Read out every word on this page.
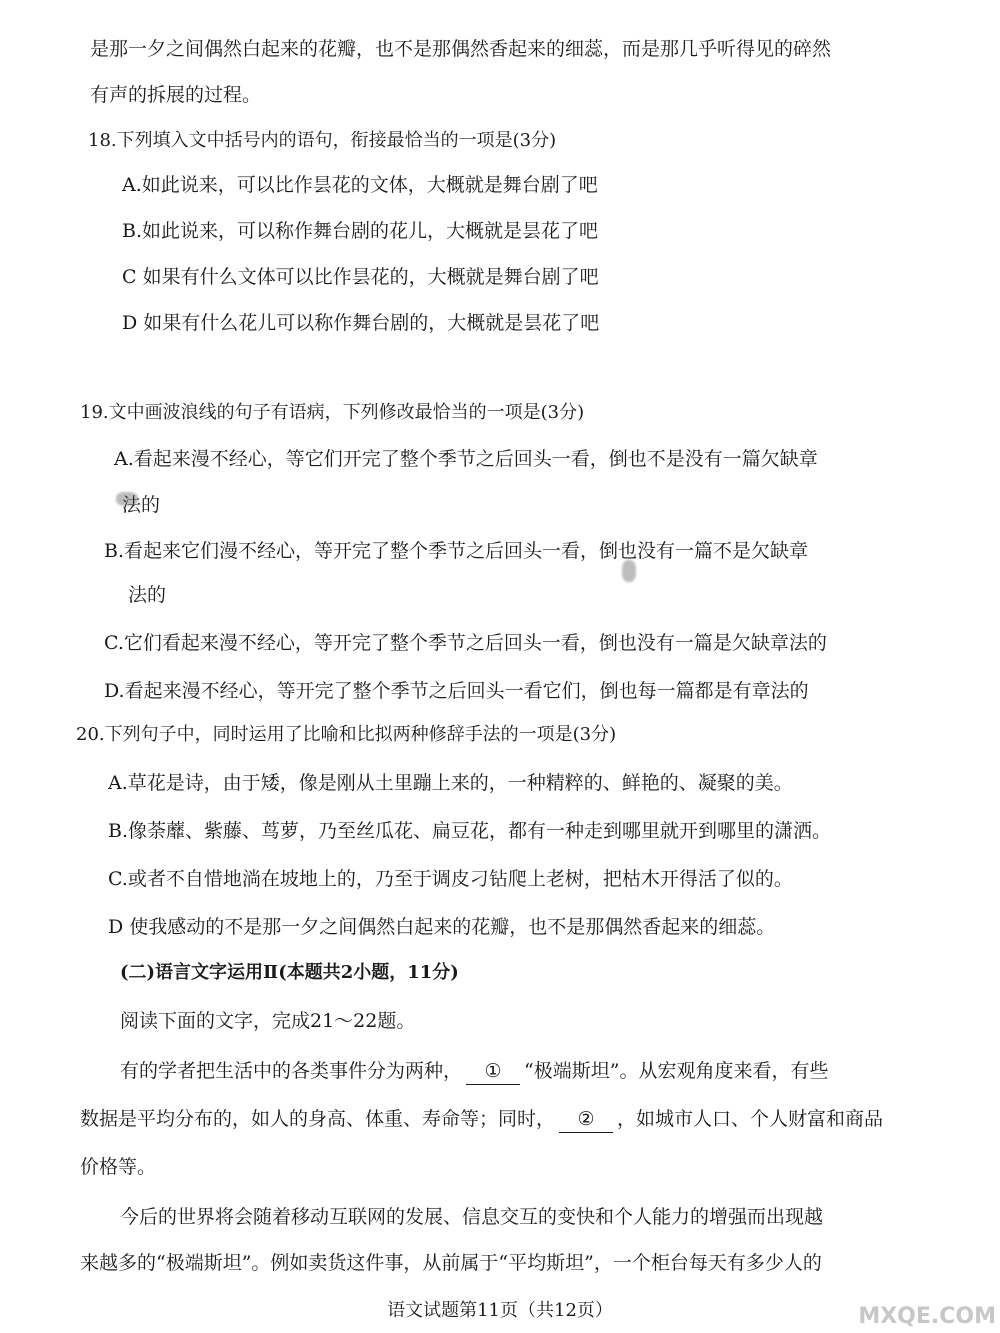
是那一夕之间偶然白起来的花瓣，也不是那偶然香起来的细蕊，而是那几乎听得见的碎然
有声的拆展的过程。
18.下列填入文中括号内的语句，衔接最恰当的一项是(3分)
A.如此说来，可以比作昙花的文体，大概就是舞台剧了吧
B.如此说来，可以称作舞台剧的花儿，大概就是昙花了吧
C 如果有什么文体可以比作昙花的，大概就是舞台剧了吧
D 如果有什么花儿可以称作舞台剧的，大概就是昙花了吧
19.文中画波浪线的句子有语病，下列修改最恰当的一项是(3分)
A.看起来漫不经心，等它们开完了整个季节之后回头一看，倒也不是没有一篇欠缺章
法的
B.看起来它们漫不经心，等开完了整个季节之后回头一看，倒也没有一篇不是欠缺章
法的
C.它们看起来漫不经心，等开完了整个季节之后回头一看，倒也没有一篇是欠缺章法的
D.看起来漫不经心，等开完了整个季节之后回头一看它们，倒也每一篇都是有章法的
20.下列句子中，同时运用了比喻和比拟两种修辞手法的一项是(3分)
A.草花是诗，由于矮，像是刚从土里蹦上来的，一种精粹的、鲜艳的、凝聚的美。
B.像荼蘼、紫藤、茑萝，乃至丝瓜花、扁豆花，都有一种走到哪里就开到哪里的潇洒。
C.或者不自惜地淌在坡地上的，乃至于调皮刁钻爬上老树，把枯木开得活了似的。
D 使我感动的不是那一夕之间偶然白起来的花瓣，也不是那偶然香起来的细蕊。
(二)语言文字运用Ⅱ(本题共2小题，11分)
阅读下面的文字，完成21～22题。
有的学者把生活中的各类事件分为两种， ① “极端斯坦”。从宏观角度来看，有些
数据是平均分布的，如人的身高、体重、寿命等；同时， ② ，如城市人口、个人财富和商品
价格等。
今后的世界将会随着移动互联网的发展、信息交互的变快和个人能力的增强而出现越
来越多的“极端斯坦”。例如卖货这件事，从前属于“平均斯坦”，一个柜台每天有多少人的
语文试题第11页（共12页）	MXQE.COM
